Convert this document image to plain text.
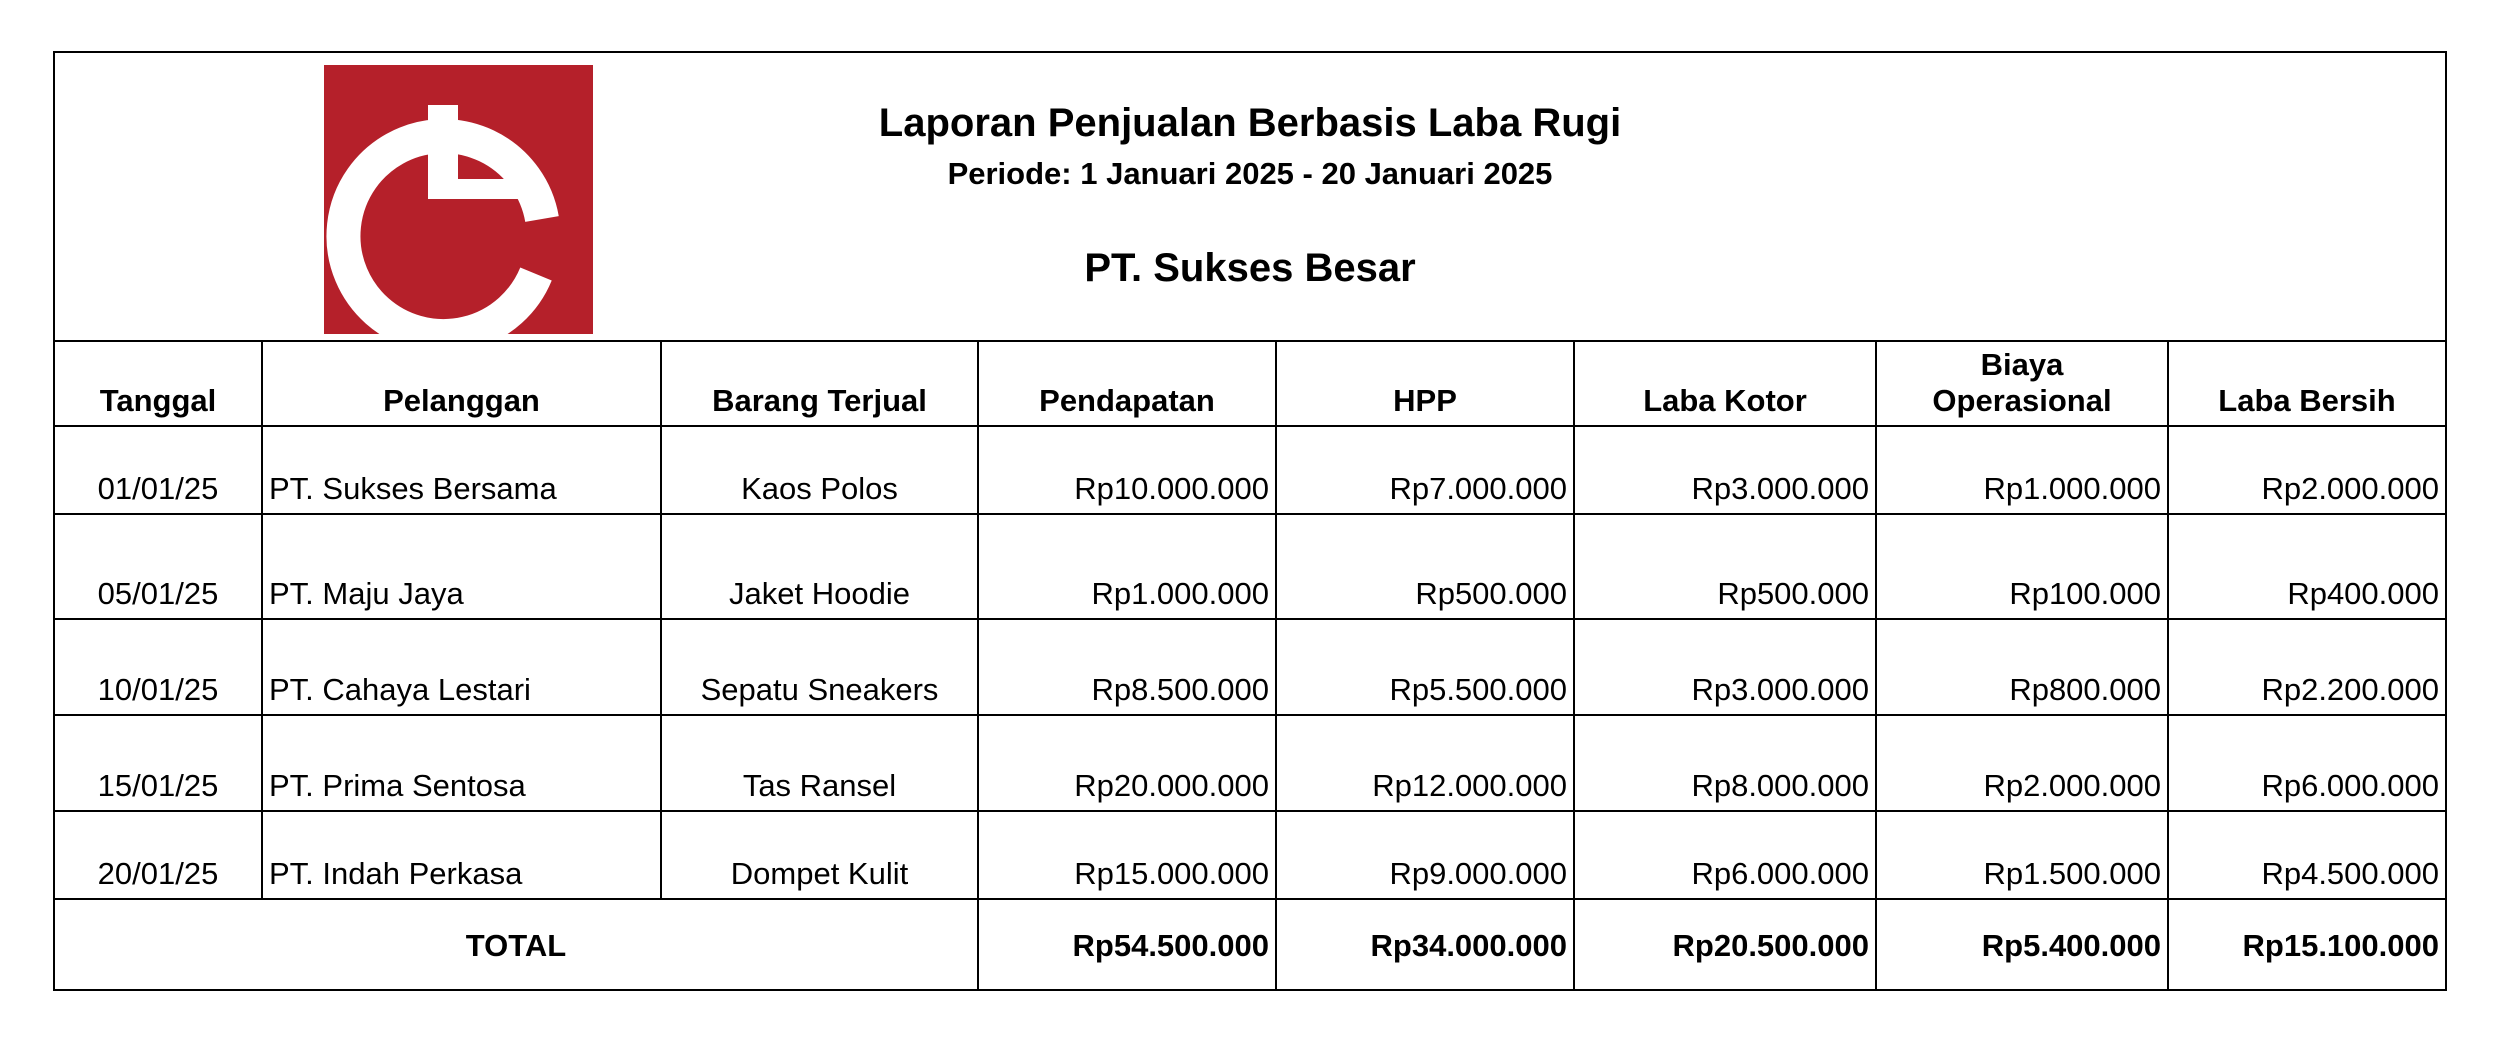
Laporan Penjualan Berbasis Laba Rugi
Periode: 1 Januari 2025 - 20 Januari 2025
PT. Sukses Besar
Tanggal	Pelanggan	Barang Terjual	Pendapatan	HPP	Laba Kotor	Biaya
Operasional	Laba Bersih
01/01/25	PT. Sukses Bersama	Kaos Polos	Rp10.000.000	Rp7.000.000	Rp3.000.000	Rp1.000.000	Rp2.000.000
05/01/25	PT. Maju Jaya	Jaket Hoodie	Rp1.000.000	Rp500.000	Rp500.000	Rp100.000	Rp400.000
10/01/25	PT. Cahaya Lestari	Sepatu Sneakers	Rp8.500.000	Rp5.500.000	Rp3.000.000	Rp800.000	Rp2.200.000
15/01/25	PT. Prima Sentosa	Tas Ransel	Rp20.000.000	Rp12.000.000	Rp8.000.000	Rp2.000.000	Rp6.000.000
20/01/25	PT. Indah Perkasa	Dompet Kulit	Rp15.000.000	Rp9.000.000	Rp6.000.000	Rp1.500.000	Rp4.500.000
TOTAL			Rp54.500.000	Rp34.000.000	Rp20.500.000	Rp5.400.000	Rp15.100.000
